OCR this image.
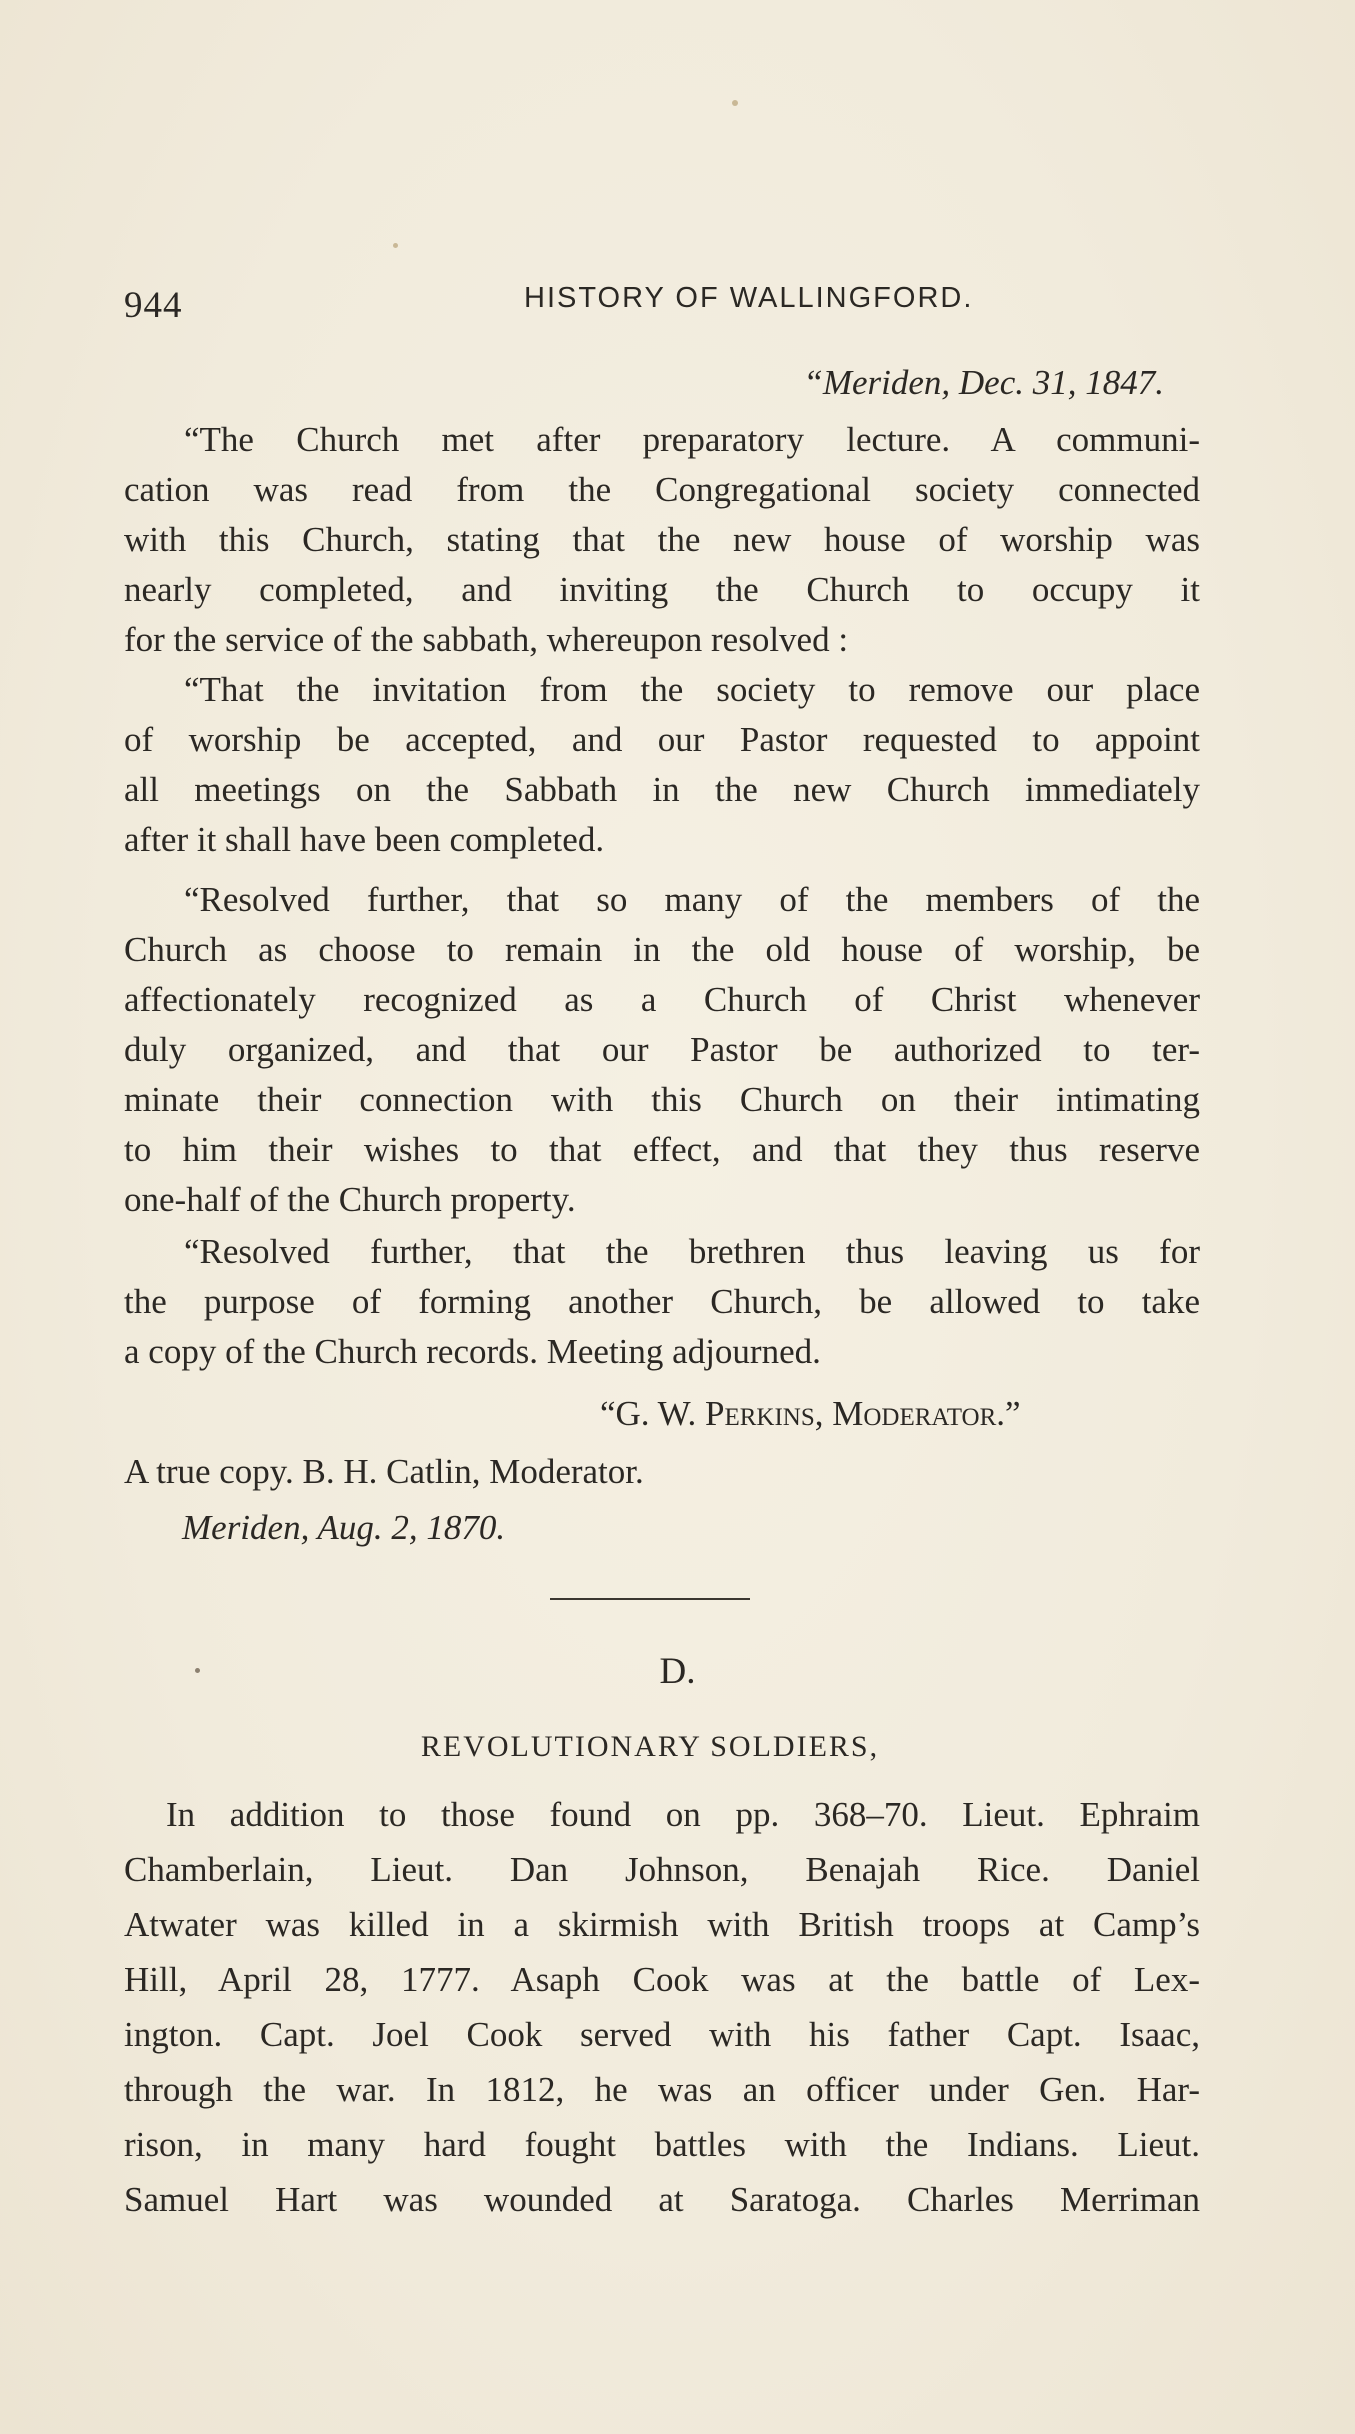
944	HISTORY OF WALLINGFORD.
“Meriden, Dec. 31, 1847.
“The Church met after preparatory lecture. A communi-
cation was read from the Congregational society connected
with this Church, stating that the new house of worship was
nearly completed, and inviting the Church to occupy it
for the service of the sabbath, whereupon resolved :
“That the invitation from the society to remove our place
of worship be accepted, and our Pastor requested to appoint
all meetings on the Sabbath in the new Church immediately
after it shall have been completed.
“Resolved further, that so many of the members of the
Church as choose to remain in the old house of worship, be
affectionately recognized as a Church of Christ whenever
duly organized, and that our Pastor be authorized to ter-
minate their connection with this Church on their intimating
to him their wishes to that effect, and that they thus reserve
one-half of the Church property.
“Resolved further, that the brethren thus leaving us for
the purpose of forming another Church, be allowed to take
a copy of the Church records. Meeting adjourned.
“G. W. Perkins, Moderator.”
A true copy. B. H. Catlin, Moderator.
Meriden, Aug. 2, 1870.
D.
REVOLUTIONARY SOLDIERS,
In addition to those found on pp. 368–70. Lieut. Ephraim
Chamberlain, Lieut. Dan Johnson, Benajah Rice. Daniel
Atwater was killed in a skirmish with British troops at Camp’s
Hill, April 28, 1777. Asaph Cook was at the battle of Lex-
ington. Capt. Joel Cook served with his father Capt. Isaac,
through the war. In 1812, he was an officer under Gen. Har-
rison, in many hard fought battles with the Indians. Lieut.
Samuel Hart was wounded at Saratoga. Charles Merriman
